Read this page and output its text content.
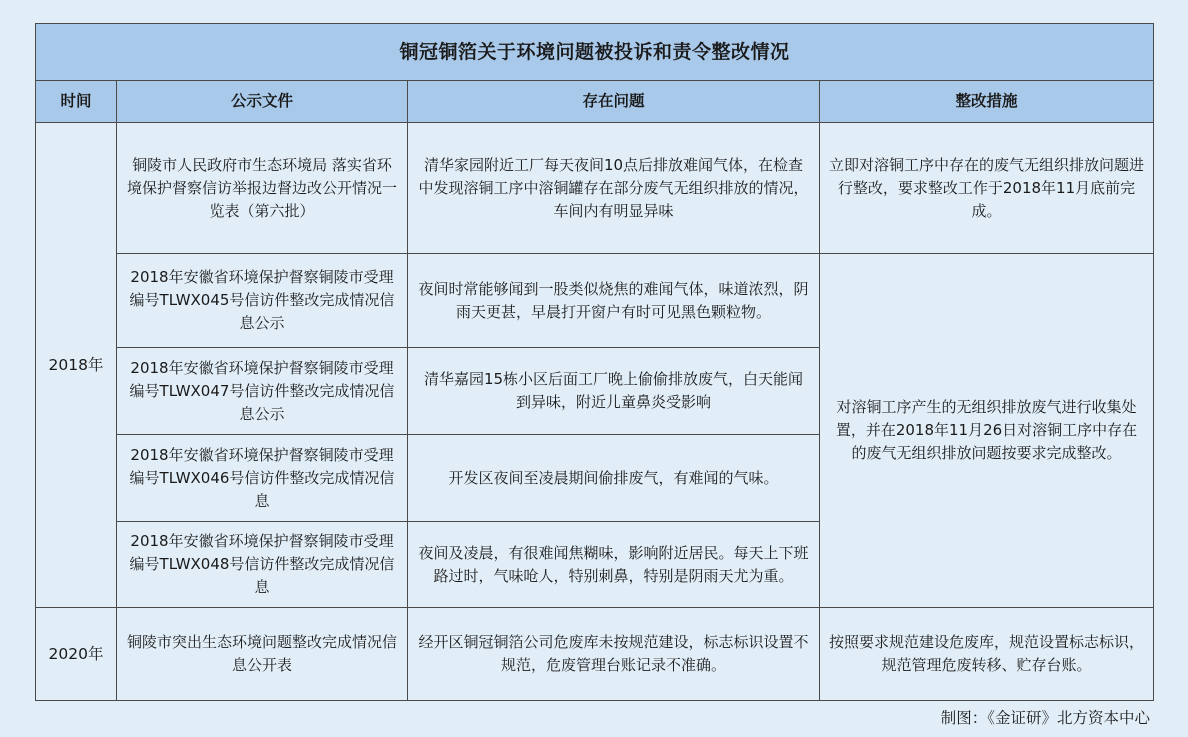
铜冠铜箔关于环境问题被投诉和责令整改情况			
时间	公示文件	存在问题	整改措施
2018年	铜陵市人民政府市生态环境局 落实省环境保护督察信访举报边督边改公开情况一览表（第六批）	清华家园附近工厂每天夜间10点后排放难闻气体，在检查中发现溶铜工序中溶铜罐存在部分废气无组织排放的情况，车间内有明显异味	立即对溶铜工序中存在的废气无组织排放问题进行整改，要求整改工作于2018年11月底前完成。
	2018年安徽省环境保护督察铜陵市受理编号TLWX045号信访件整改完成情况信息公示	夜间时常能够闻到一股类似烧焦的难闻气体，味道浓烈，阴雨天更甚，早晨打开窗户有时可见黑色颗粒物。	对溶铜工序产生的无组织排放废气进行收集处置，并在2018年11月26日对溶铜工序中存在的废气无组织排放问题按要求完成整改。
	2018年安徽省环境保护督察铜陵市受理编号TLWX047号信访件整改完成情况信息公示	清华嘉园15栋小区后面工厂晚上偷偷排放废气，白天能闻到异味，附近儿童鼻炎受影响	
	2018年安徽省环境保护督察铜陵市受理编号TLWX046号信访件整改完成情况信息	开发区夜间至凌晨期间偷排废气，有难闻的气味。	
	2018年安徽省环境保护督察铜陵市受理编号TLWX048号信访件整改完成情况信息	夜间及凌晨，有很难闻焦糊味，影响附近居民。每天上下班路过时，气味呛人，特别刺鼻，特别是阴雨天尤为重。	
2020年	铜陵市突出生态环境问题整改完成情况信息公开表	经开区铜冠铜箔公司危废库未按规范建设，标志标识设置不规范，危废管理台账记录不准确。	按照要求规范建设危废库，规范设置标志标识，规范管理危废转移、贮存台账。
制图：《金证研》北方资本中心
